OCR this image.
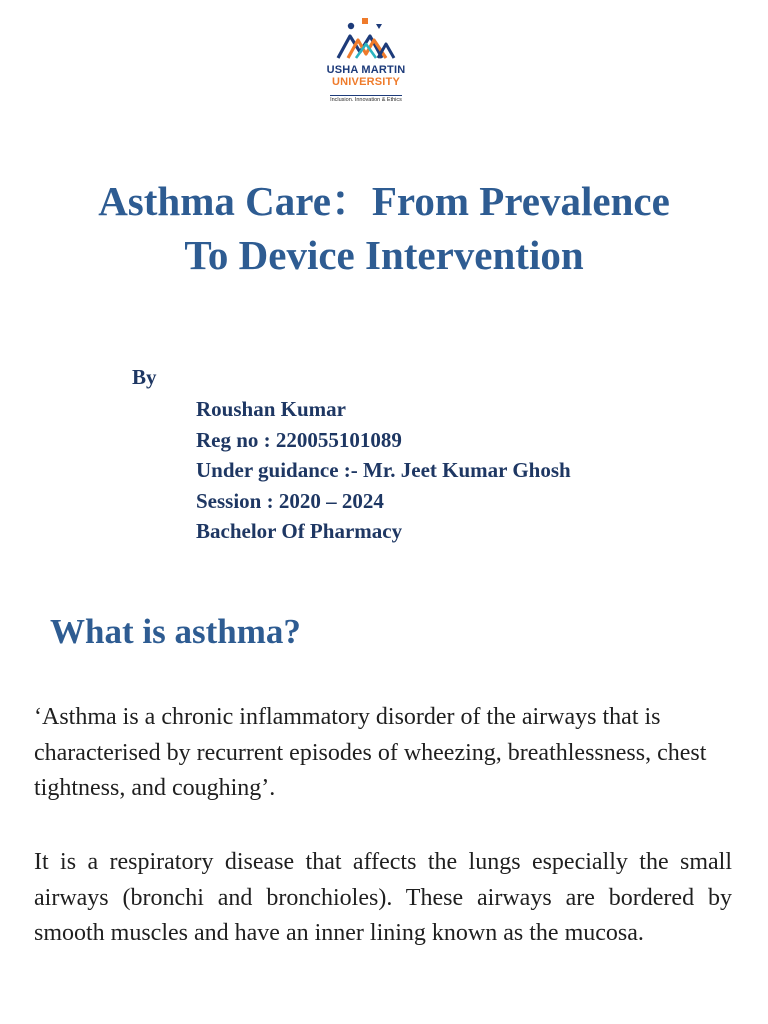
USHA MARTIN
UNIVERSITY
Inclusion. Innovation & Ethics
Asthma Care：From Prevalence
To Device Intervention
By
Roushan Kumar
Reg no : 220055101089
Under guidance :- Mr. Jeet Kumar Ghosh
Session : 2020 – 2024
Bachelor Of Pharmacy
What is asthma?
‘Asthma is a chronic inflammatory disorder of the airways that is characterised by recurrent episodes of wheezing, breathlessness, chest tightness, and coughing’.
It is a respiratory disease that affects the lungs especially the small airways (bronchi and bronchioles). These airways are bordered by smooth muscles and have an inner lining known as the mucosa.
